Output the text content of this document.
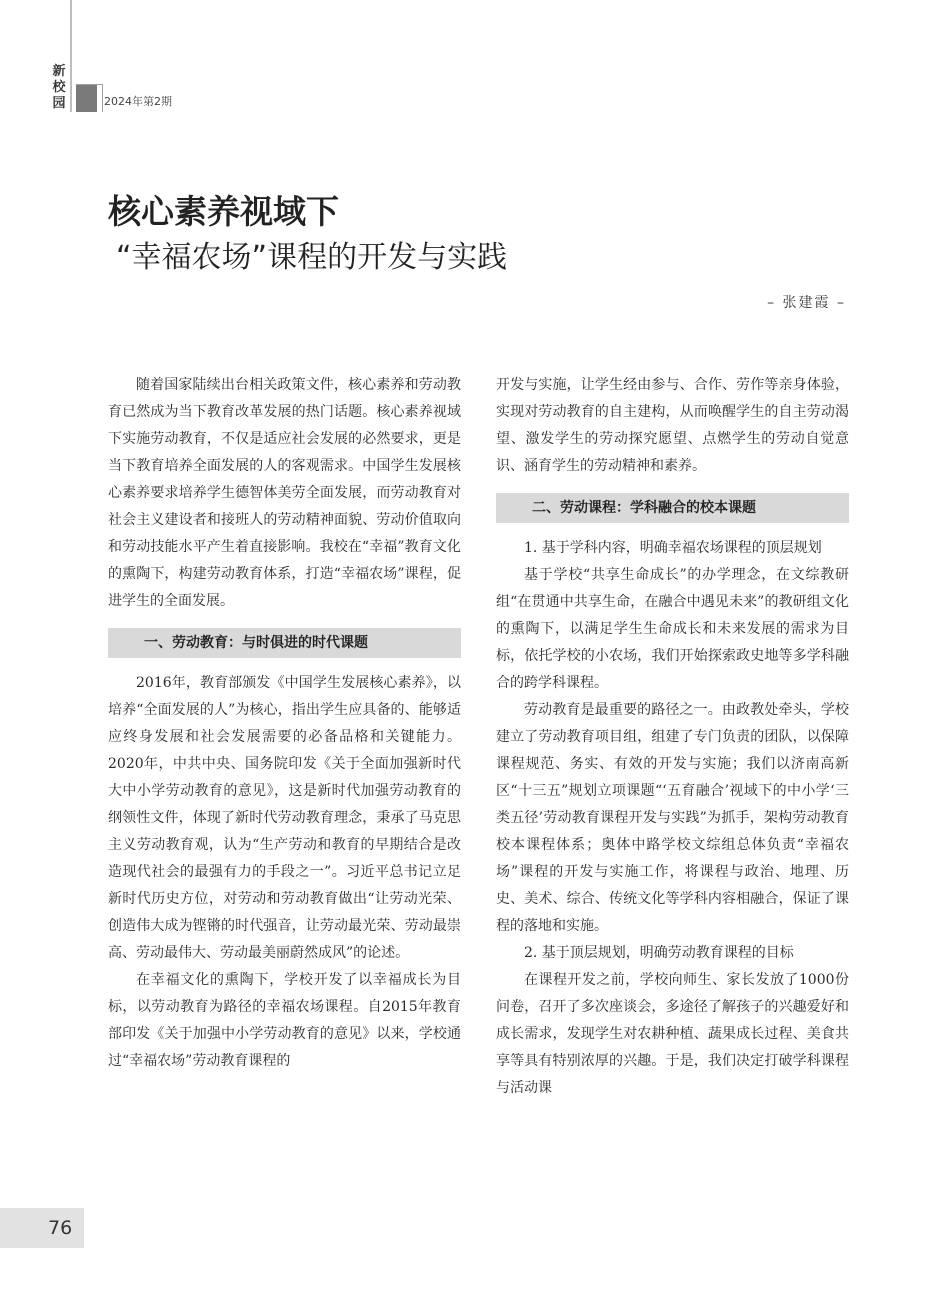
新校园	2024年第2期
核心素养视域下
“幸福农场”课程的开发与实践
– 张建霞 –

随着国家陆续出台相关政策文件，核心素养和劳动教育已然成为当下教育改革发展的热门话题。核心素养视域下实施劳动教育，不仅是适应社会发展的必然要求，更是当下教育培养全面发展的人的客观需求。中国学生发展核心素养要求培养学生德智体美劳全面发展，而劳动教育对社会主义建设者和接班人的劳动精神面貌、劳动价值取向和劳动技能水平产生着直接影响。我校在“幸福”教育文化的熏陶下，构建劳动教育体系，打造“幸福农场”课程，促进学生的全面发展。

一、劳动教育：与时俱进的时代课题

2016年，教育部颁发《中国学生发展核心素养》，以培养“全面发展的人”为核心，指出学生应具备的、能够适应终身发展和社会发展需要的必备品格和关键能力。2020年，中共中央、国务院印发《关于全面加强新时代大中小学劳动教育的意见》，这是新时代加强劳动教育的纲领性文件，体现了新时代劳动教育理念，秉承了马克思主义劳动教育观，认为“生产劳动和教育的早期结合是改造现代社会的最强有力的手段之一”。习近平总书记立足新时代历史方位，对劳动和劳动教育做出“让劳动光荣、创造伟大成为铿锵的时代强音，让劳动最光荣、劳动最崇高、劳动最伟大、劳动最美丽蔚然成风”的论述。

在幸福文化的熏陶下，学校开发了以幸福成长为目标，以劳动教育为路径的幸福农场课程。自2015年教育部印发《关于加强中小学劳动教育的意见》以来，学校通过“幸福农场”劳动教育课程的

开发与实施，让学生经由参与、合作、劳作等亲身体验，实现对劳动教育的自主建构，从而唤醒学生的自主劳动渴望、激发学生的劳动探究愿望、点燃学生的劳动自觉意识、涵育学生的劳动精神和素养。

二、劳动课程：学科融合的校本课题

1. 基于学科内容，明确幸福农场课程的顶层规划

基于学校“共享生命成长”的办学理念，在文综教研组“在贯通中共享生命，在融合中遇见未来”的教研组文化的熏陶下，以满足学生生命成长和未来发展的需求为目标，依托学校的小农场，我们开始探索政史地等多学科融合的跨学科课程。

劳动教育是最重要的路径之一。由政教处牵头，学校建立了劳动教育项目组，组建了专门负责的团队，以保障课程规范、务实、有效的开发与实施；我们以济南高新区“十三五”规划立项课题“‘五育融合’视域下的中小学‘三类五径’劳动教育课程开发与实践”为抓手，架构劳动教育校本课程体系；奥体中路学校文综组总体负责“幸福农场”课程的开发与实施工作，将课程与政治、地理、历史、美术、综合、传统文化等学科内容相融合，保证了课程的落地和实施。

2. 基于顶层规划，明确劳动教育课程的目标

在课程开发之前，学校向师生、家长发放了1000份问卷，召开了多次座谈会，多途径了解孩子的兴趣爱好和成长需求，发现学生对农耕种植、蔬果成长过程、美食共享等具有特别浓厚的兴趣。于是，我们决定打破学科课程与活动课

76
